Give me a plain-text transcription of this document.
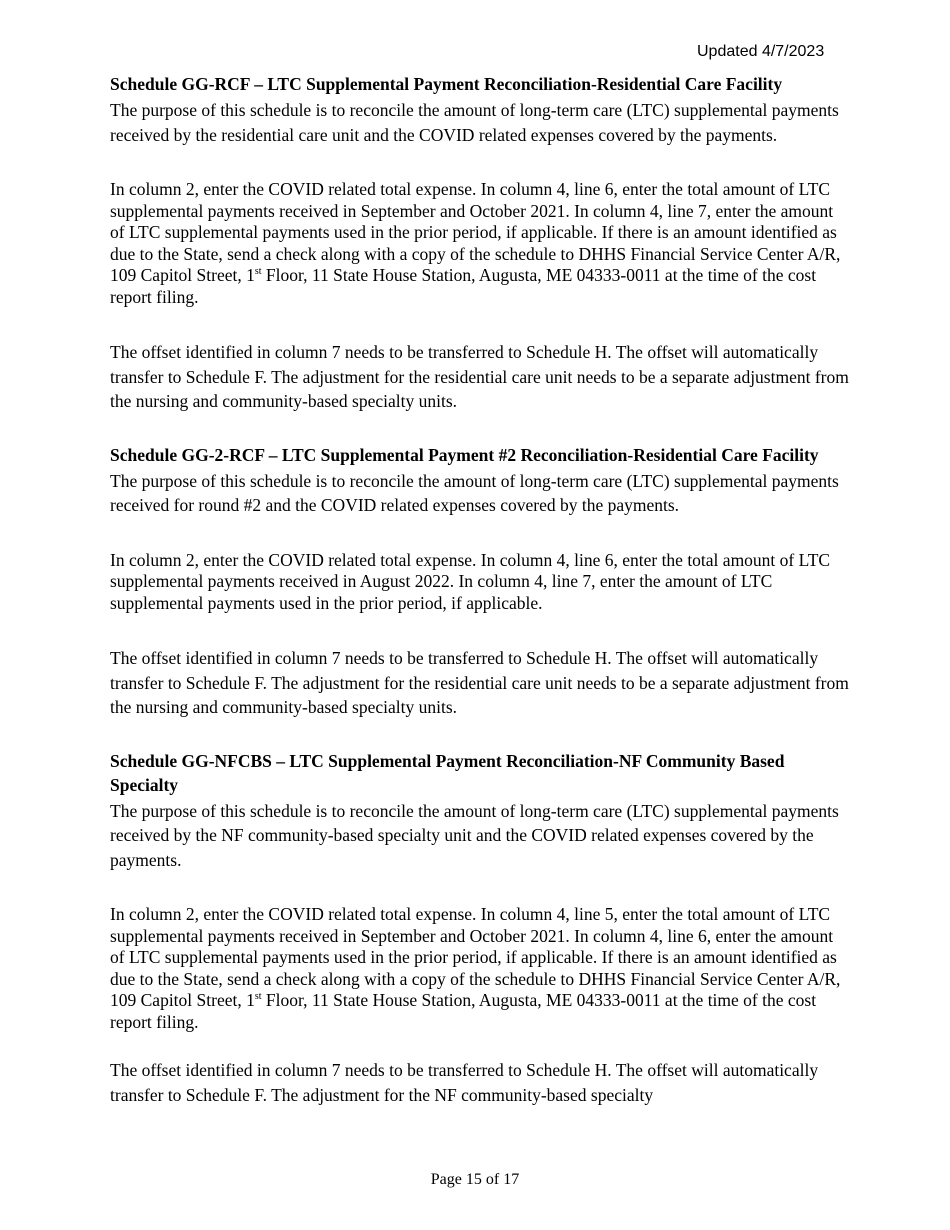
Updated 4/7/2023

Schedule GG-RCF – LTC Supplemental Payment Reconciliation-Residential Care Facility

The purpose of this schedule is to reconcile the amount of long-term care (LTC) supplemental payments received by the residential care unit and the COVID related expenses covered by the payments.

In column 2, enter the COVID related total expense. In column 4, line 6, enter the total amount of LTC supplemental payments received in September and October 2021. In column 4, line 7, enter the amount of LTC supplemental payments used in the prior period, if applicable. If there is an amount identified as due to the State, send a check along with a copy of the schedule to DHHS Financial Service Center A/R, 109 Capitol Street, 1st Floor, 11 State House Station, Augusta, ME 04333-0011 at the time of the cost report filing.

The offset identified in column 7 needs to be transferred to Schedule H. The offset will automatically transfer to Schedule F. The adjustment for the residential care unit needs to be a separate adjustment from the nursing and community-based specialty units.

Schedule GG-2-RCF – LTC Supplemental Payment #2 Reconciliation-Residential Care Facility

The purpose of this schedule is to reconcile the amount of long-term care (LTC) supplemental payments received for round #2 and the COVID related expenses covered by the payments.

In column 2, enter the COVID related total expense. In column 4, line 6, enter the total amount of LTC supplemental payments received in August 2022. In column 4, line 7, enter the amount of LTC supplemental payments used in the prior period, if applicable.

The offset identified in column 7 needs to be transferred to Schedule H. The offset will automatically transfer to Schedule F. The adjustment for the residential care unit needs to be a separate adjustment from the nursing and community-based specialty units.

Schedule GG-NFCBS – LTC Supplemental Payment Reconciliation-NF Community Based Specialty

The purpose of this schedule is to reconcile the amount of long-term care (LTC) supplemental payments received by the NF community-based specialty unit and the COVID related expenses covered by the payments.

In column 2, enter the COVID related total expense. In column 4, line 5, enter the total amount of LTC supplemental payments received in September and October 2021. In column 4, line 6, enter the amount of LTC supplemental payments used in the prior period, if applicable. If there is an amount identified as due to the State, send a check along with a copy of the schedule to DHHS Financial Service Center A/R, 109 Capitol Street, 1st Floor, 11 State House Station, Augusta, ME 04333-0011 at the time of the cost report filing.

The offset identified in column 7 needs to be transferred to Schedule H. The offset will automatically transfer to Schedule F. The adjustment for the NF community-based specialty

Page 15 of 17
